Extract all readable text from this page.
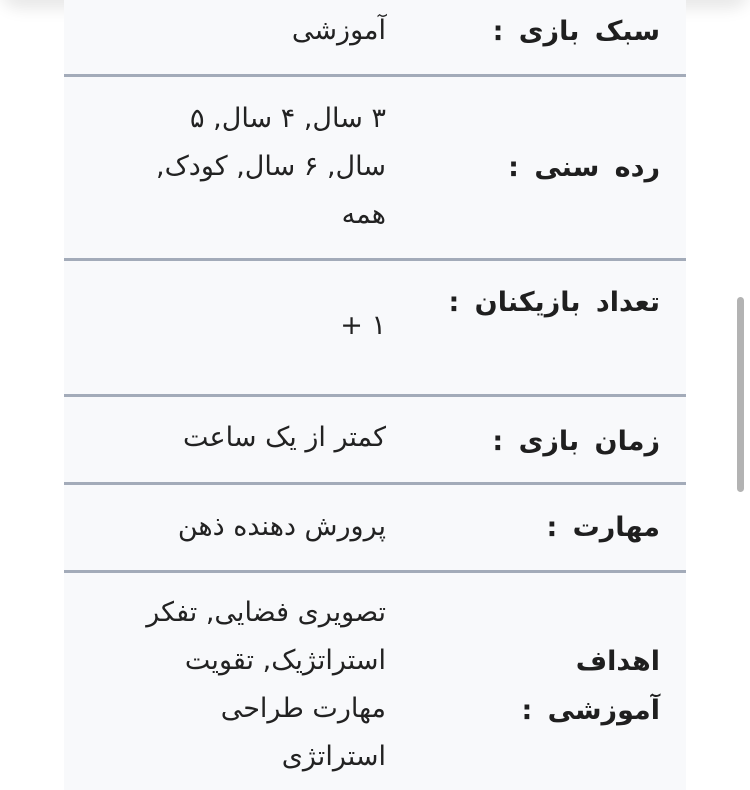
سبک بازی :
آموزشی
رده سنی :
۳ سال, ۴ سال, ۵ سال, ۶ سال, کودک, همه
تعداد بازیکنان :
۱ +
زمان بازی :
کمتر از یک ساعت
مهارت :
پرورش دهنده ذهن
اهداف آموزشی :
تصویری فضایی, تفکر استراتژیک, تقویت مهارت طراحی استراتژی
